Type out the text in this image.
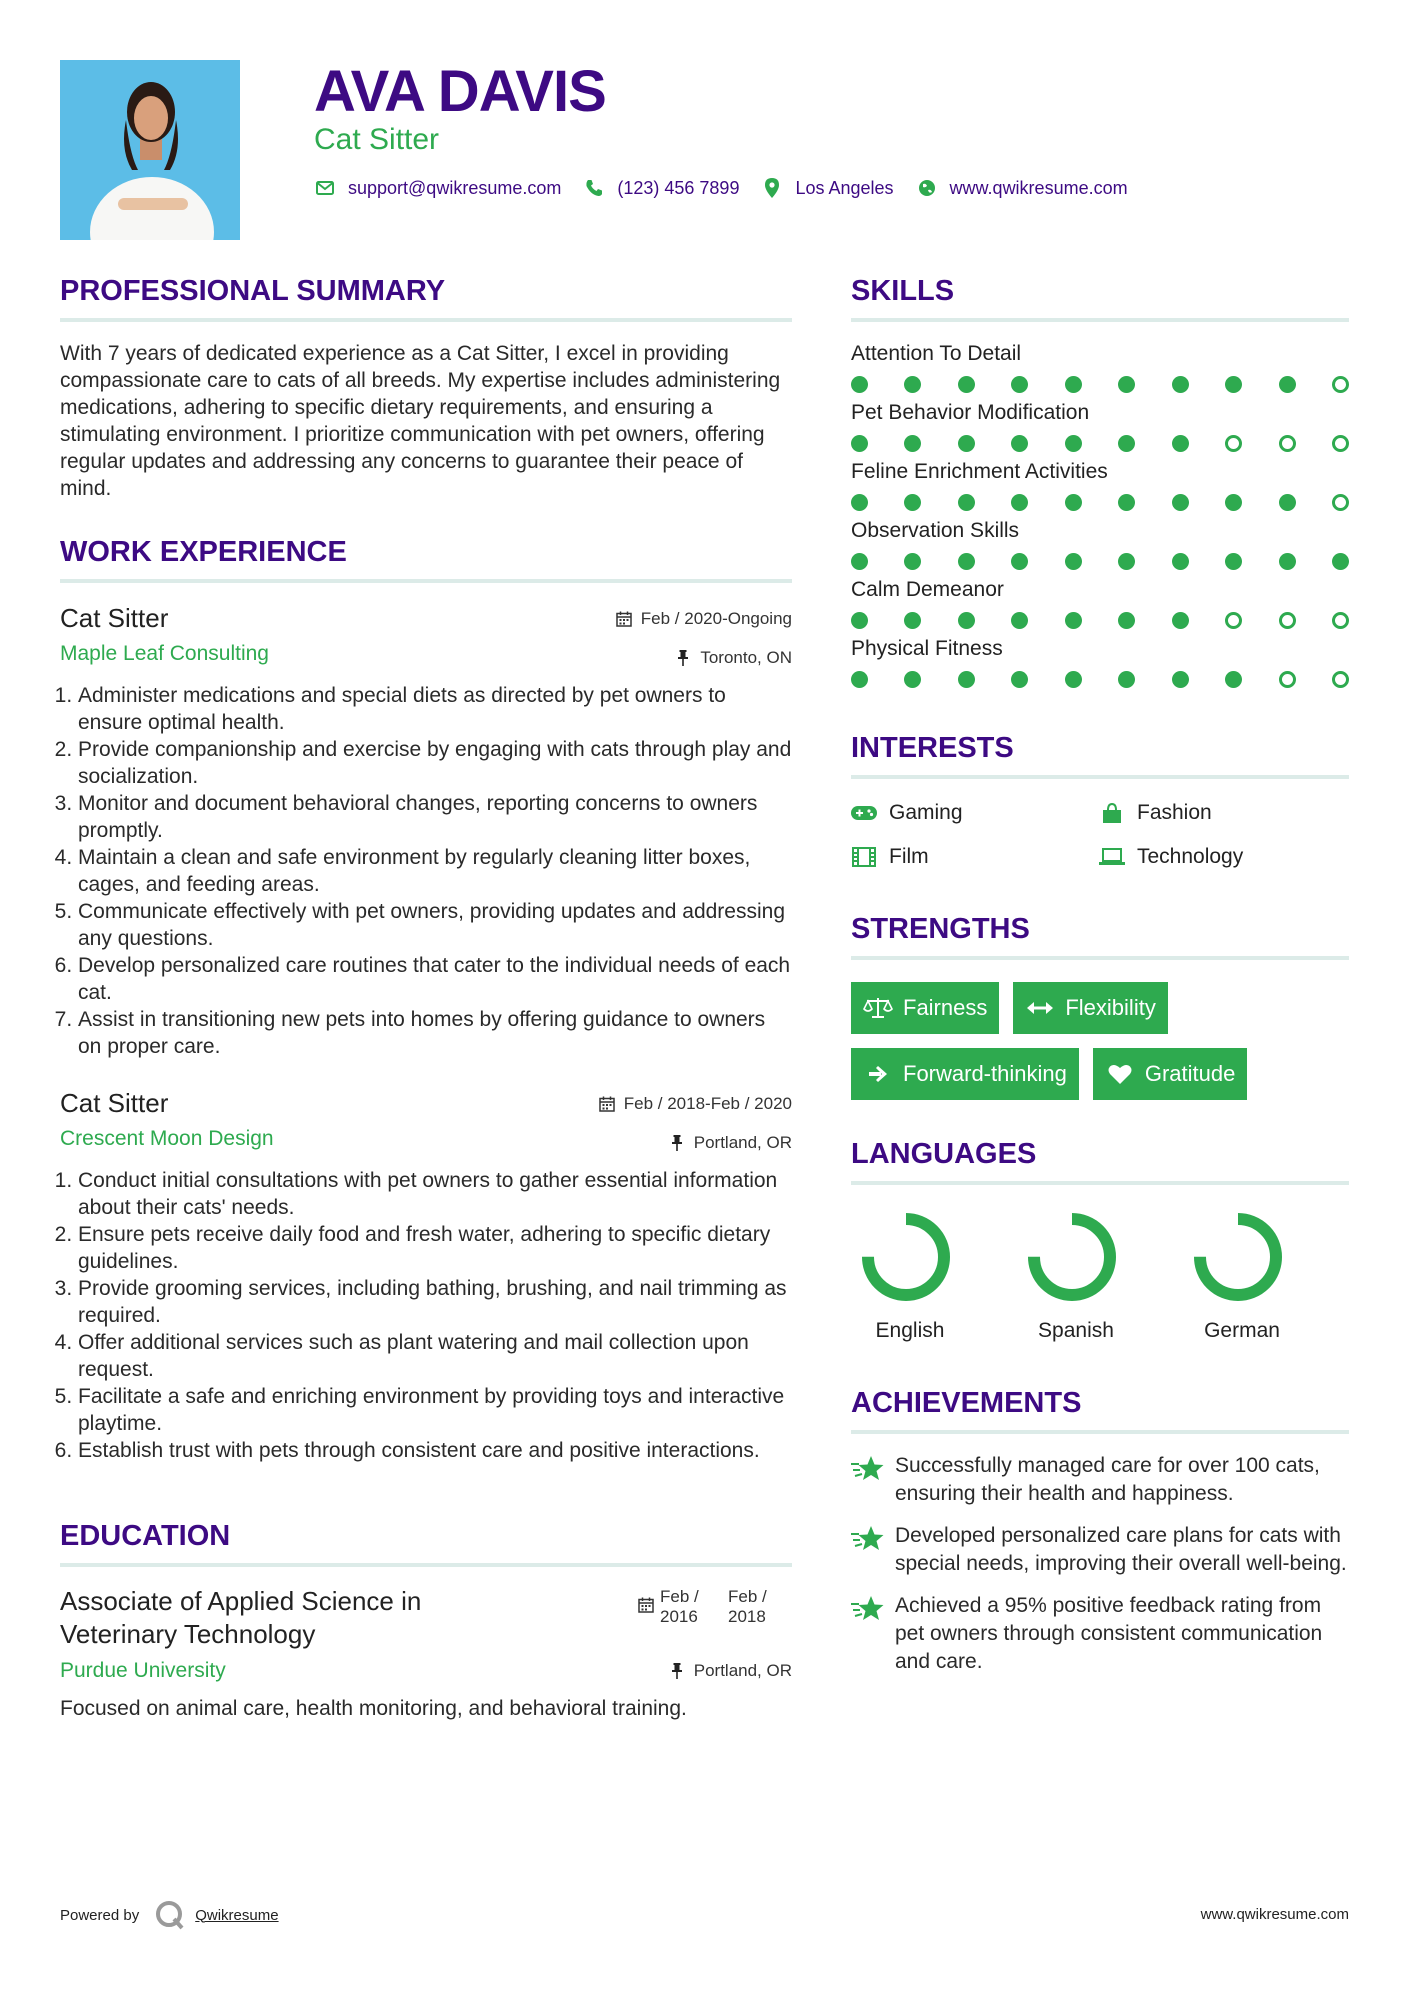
AVA DAVIS
Cat Sitter
support@qwikresume.com	(123) 456 7899	Los Angeles	www.qwikresume.com
PROFESSIONAL SUMMARY
With 7 years of dedicated experience as a Cat Sitter, I excel in providing compassionate care to cats of all breeds. My expertise includes administering medications, adhering to specific dietary requirements, and ensuring a stimulating environment. I prioritize communication with pet owners, offering regular updates and addressing any concerns to guarantee their peace of mind.
WORK EXPERIENCE
Cat Sitter	Feb / 2020-Ongoing
Maple Leaf Consulting	Toronto, ON
1. Administer medications and special diets as directed by pet owners to ensure optimal health.
2. Provide companionship and exercise by engaging with cats through play and socialization.
3. Monitor and document behavioral changes, reporting concerns to owners promptly.
4. Maintain a clean and safe environment by regularly cleaning litter boxes, cages, and feeding areas.
5. Communicate effectively with pet owners, providing updates and addressing any questions.
6. Develop personalized care routines that cater to the individual needs of each cat.
7. Assist in transitioning new pets into homes by offering guidance to owners on proper care.
Cat Sitter	Feb / 2018-Feb / 2020
Crescent Moon Design	Portland, OR
1. Conduct initial consultations with pet owners to gather essential information about their cats' needs.
2. Ensure pets receive daily food and fresh water, adhering to specific dietary guidelines.
3. Provide grooming services, including bathing, brushing, and nail trimming as required.
4. Offer additional services such as plant watering and mail collection upon request.
5. Facilitate a safe and enriching environment by providing toys and interactive playtime.
6. Establish trust with pets through consistent care and positive interactions.
EDUCATION
Associate of Applied Science in Veterinary Technology
Feb / 2016
Feb / 2018
Purdue University	Portland, OR
Focused on animal care, health monitoring, and behavioral training.
SKILLS
Attention To Detail
Pet Behavior Modification
Feline Enrichment Activities
Observation Skills
Calm Demeanor
Physical Fitness
INTERESTS
Gaming	Fashion
Film	Technology
STRENGTHS
Fairness	Flexibility
Forward-thinking	Gratitude
LANGUAGES
English	Spanish	German
ACHIEVEMENTS
Successfully managed care for over 100 cats, ensuring their health and happiness.
Developed personalized care plans for cats with special needs, improving their overall well-being.
Achieved a 95% positive feedback rating from pet owners through consistent communication and care.
Powered by	Qwikresume	www.qwikresume.com
